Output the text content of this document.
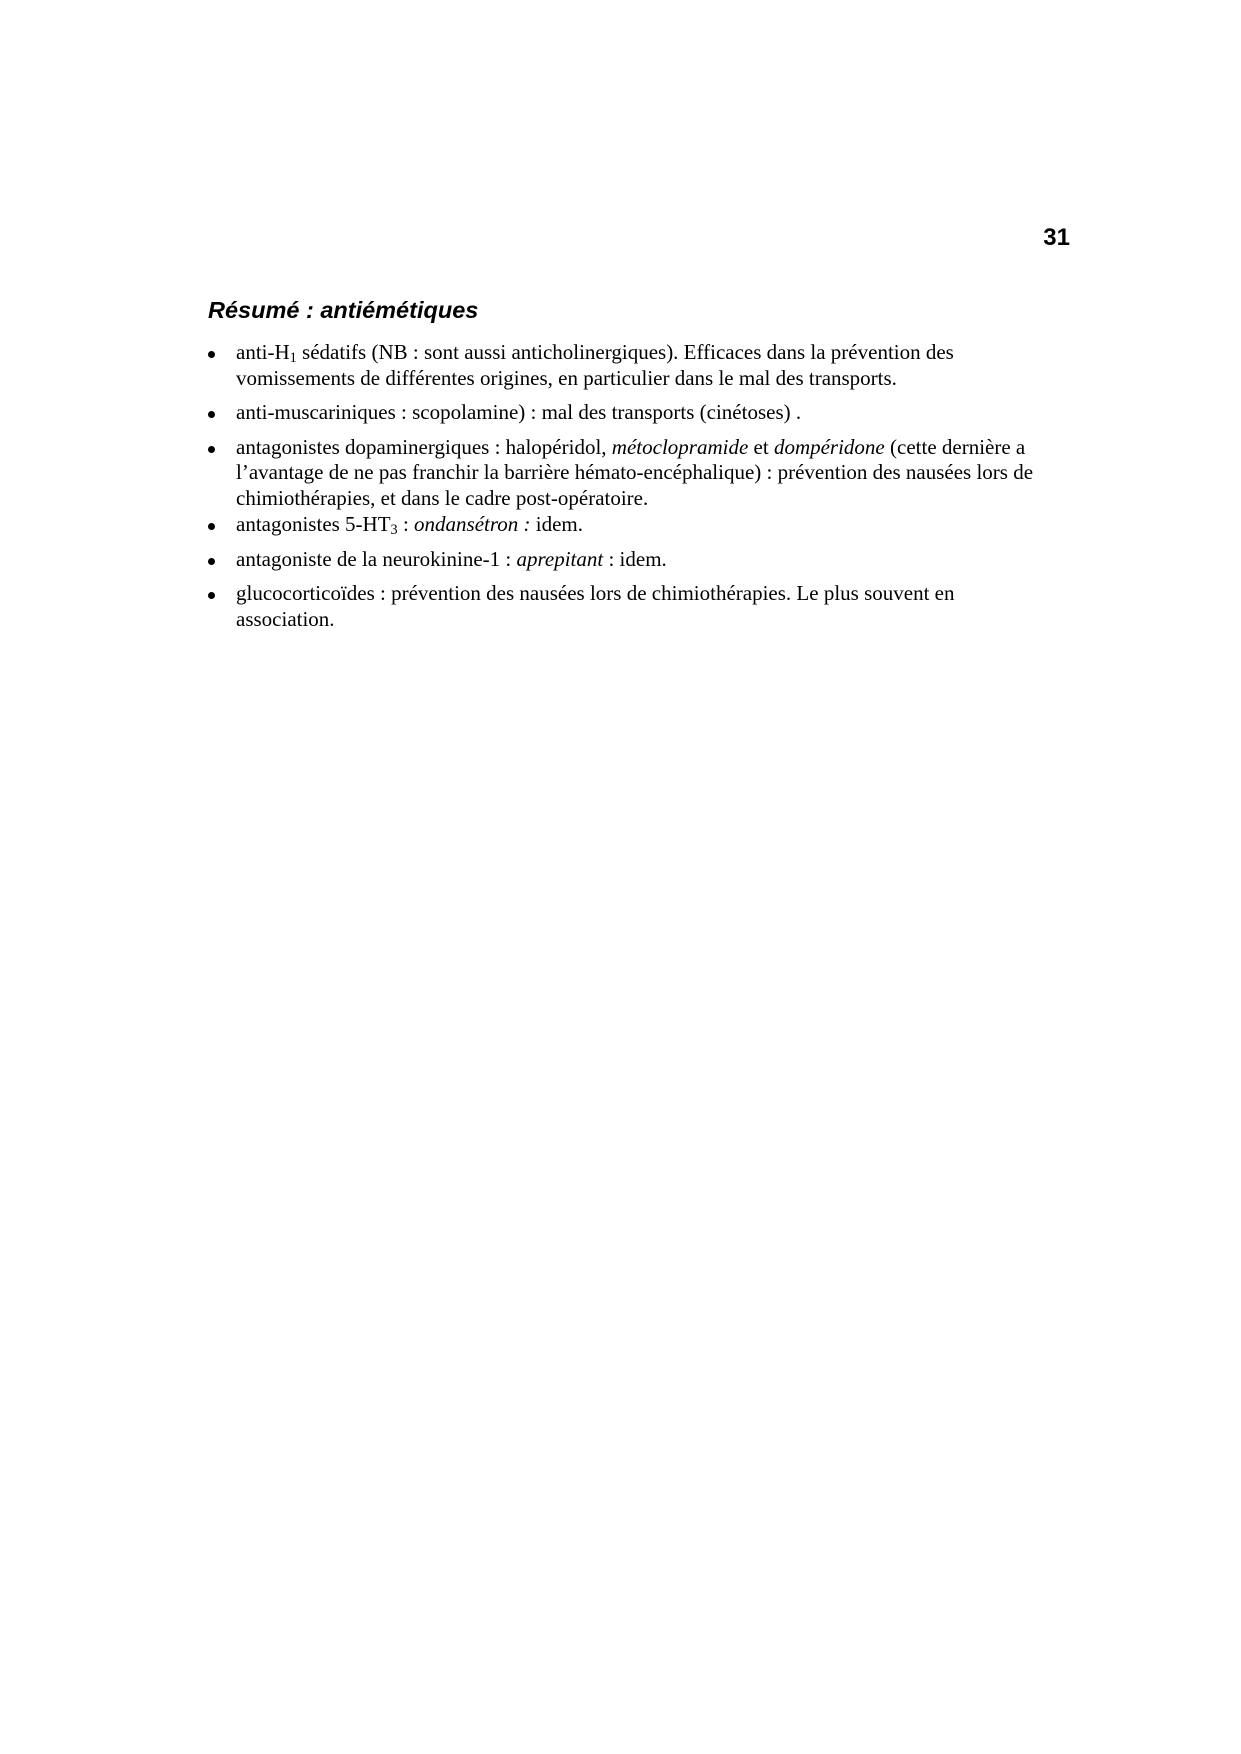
31
Résumé : antiémétiques
anti-$H_1$ sédatifs (NB : sont aussi anticholinergiques). Efficaces dans la prévention des vomissements de différentes origines, en particulier dans le mal des transports.
anti-muscariniques : scopolamine) : mal des transports (cinétoses) .
antagonistes dopaminergiques : halopéridol, métoclopramide et dompéridone (cette dernière a l’avantage de ne pas franchir la barrière hémato-encéphalique) : prévention des nausées lors de chimiothérapies, et dans le cadre post-opératoire.
antagonistes $5-HT_3$ : ondansétron : idem.
antagoniste de la neurokinine-1 : aprepitant : idem.
glucocorticoïdes : prévention des nausées lors de chimiothérapies. Le plus souvent en association.
